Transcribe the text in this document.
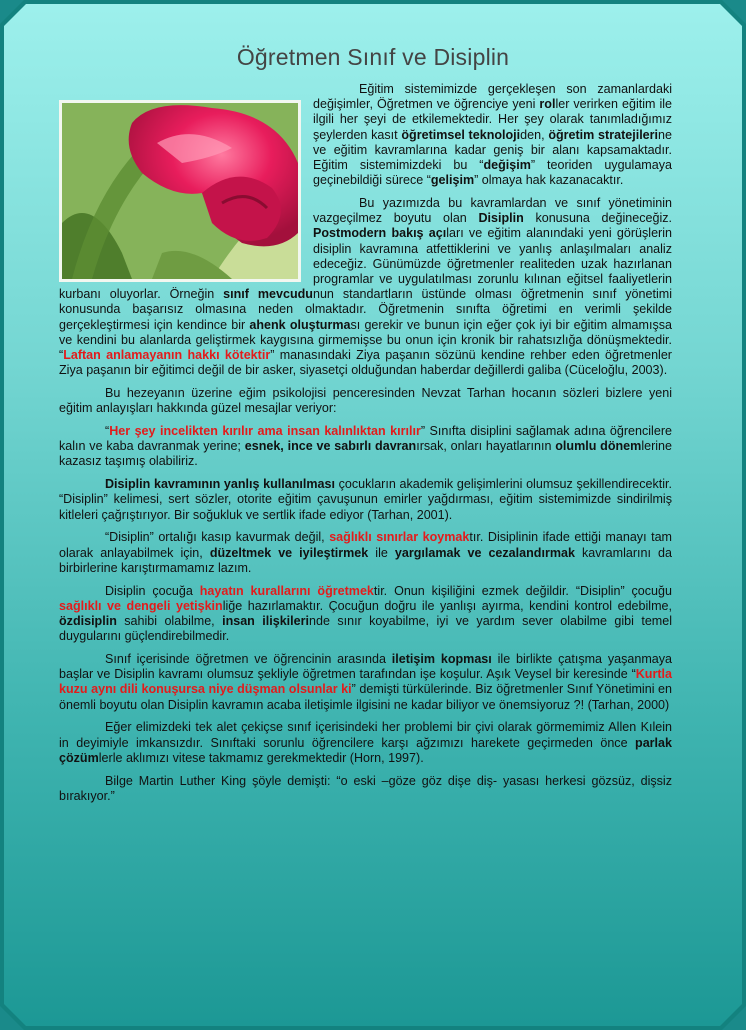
Öğretmen Sınıf ve Disiplin

Eğitim sistemimizde gerçekleşen son zamanlardaki değişimler, Öğretmen ve öğrenciye yeni roller verirken eğitim ile ilgili her şeyi de etkilemektedir. Her şey olarak tanımladığımız şeylerden kasıt öğretimsel teknolojiden, öğretim stratejilerine ve eğitim kavramlarına kadar geniş bir alanı kapsamaktadır. Eğitim sistemimizdeki bu “değişim” teoriden uygulamaya geçinebildiği sürece “gelişim” olmaya hak kazanacaktır.

Bu yazımızda bu kavramlardan ve sınıf yönetiminin vazgeçilmez boyutu olan Disiplin konusuna değineceğiz. Postmodern bakış açıları ve eğitim alanındaki yeni görüşlerin disiplin kavramına atfettiklerini ve yanlış anlaşılmaları analiz edeceğiz. Günümüzde öğretmenler realiteden uzak hazırlanan programlar ve uygulatılması zorunlu kılınan eğitsel faaliyetlerin kurbanı oluyorlar. Örneğin sınıf mevcudunun standartların üstünde olması öğretmenin sınıf yönetimi konusunda başarısız olmasına neden olmaktadır. Öğretmenin sınıfta öğretimi en verimli şekilde gerçekleştirmesi için kendince bir ahenk oluşturması gerekir ve bunun için eğer çok iyi bir eğitim almamışsa ve kendini bu alanlarda geliştirmek kaygısına girmemişse bu onun için kronik bir rahatsızlığa dönüşmektedir. “Laftan anlamayanın hakkı kötektir” manasındaki Ziya paşanın sözünü kendine rehber eden öğretmenler Ziya paşanın bir eğitimci değil de bir asker, siyasetçi olduğundan haberdar değillerdi galiba (Cüceloğlu, 2003).

Bu hezeyanın üzerine eğim psikolojisi penceresinden Nevzat Tarhan hocanın sözleri bizlere yeni eğitim anlayışları hakkında güzel mesajlar veriyor:

“Her şey incelikten kırılır ama insan kalınlıktan kırılır” Sınıfta disiplini sağlamak adına öğrencilere kalın ve kaba davranmak yerine; esnek, ince ve sabırlı davranırsak, onları hayatlarının olumlu dönemlerine kazasız taşımış olabiliriz.

Disiplin kavramının yanlış kullanılması çocukların akademik gelişimlerini olumsuz şekillendirecektir. “Disiplin” kelimesi, sert sözler, otorite eğitim çavuşunun emirler yağdırması, eğitim sistemimizde sindirilmiş kitleleri çağrıştırıyor. Bir soğukluk ve sertlik ifade ediyor (Tarhan, 2001).

“Disiplin” ortalığı kasıp kavurmak değil, sağlıklı sınırlar koymaktır. Disiplinin ifade ettiği manayı tam olarak anlayabilmek için, düzeltmek ve iyileştirmek ile yargılamak ve cezalandırmak kavramlarını da birbirlerine karıştırmamamız lazım.

Disiplin çocuğa hayatın kurallarını öğretmektir. Onun kişiliğini ezmek değildir. “Disiplin” çocuğu sağlıklı ve dengeli yetişkinliğe hazırlamaktır. Çocuğun doğru ile yanlışı ayırma, kendini kontrol edebilme, özdisiplin sahibi olabilme, insan ilişkilerinde sınır koyabilme, iyi ve yardım sever olabilme gibi temel duygularını güçlendirebilmedir.

Sınıf içerisinde öğretmen ve öğrencinin arasında iletişim kopması ile birlikte çatışma yaşanmaya başlar ve Disiplin kavramı olumsuz şekliyle öğretmen tarafından işe koşulur. Aşık Veysel bir keresinde “Kurtla kuzu aynı dili konuşursa niye düşman olsunlar ki” demişti türkülerinde. Biz öğretmenler Sınıf Yönetimini en önemli boyutu olan Disiplin kavramın acaba iletişimle ilgisini ne kadar biliyor ve önemsiyoruz ?! (Tarhan, 2000)

Eğer elimizdeki tek alet çekiçse sınıf içerisindeki her problemi bir çivi olarak görmemimiz Allen Kılein in deyimiyle imkansızdır. Sınıftaki sorunlu öğrencilere karşı ağzımızı harekete geçirmeden önce parlak çözümlerle aklımızı vitese takmamız gerekmektedir (Horn, 1997).

Bilge Martin Luther King şöyle demişti: “o eski –göze göz dişe diş- yasası herkesi gözsüz, dişsiz bırakıyor.”
